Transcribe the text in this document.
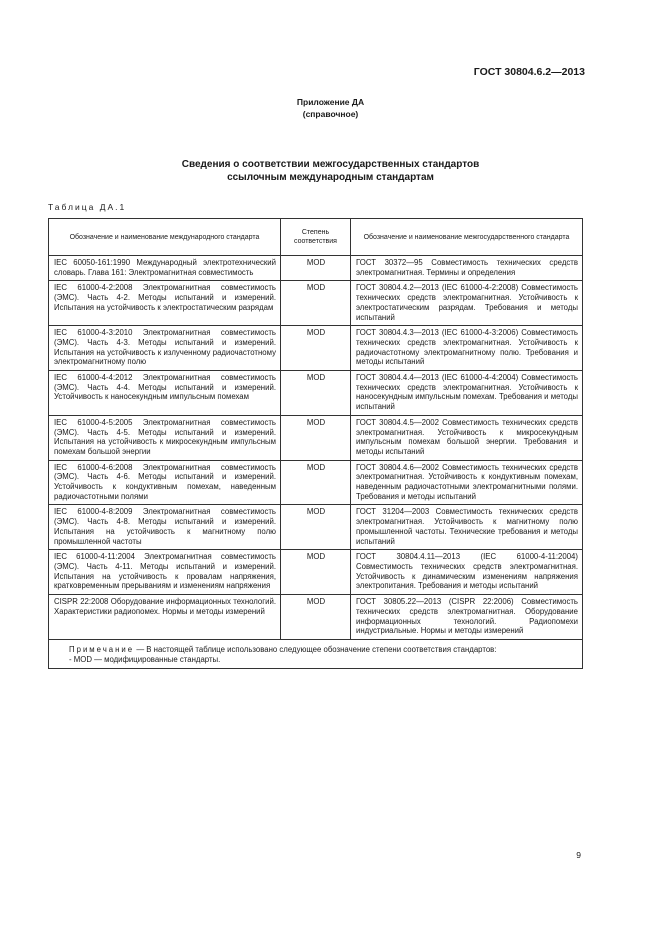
ГОСТ 30804.6.2—2013
Приложение ДА
(справочное)
Сведения о соответствии межгосударственных стандартов
ссылочным международным стандартам
Таблица ДА.1
Обозначение и наименование международного стандарта	Степень соответствия	Обозначение и наименование межгосударственного стандарта
IEC 60050-161:1990 Международный электротехнический словарь. Глава 161: Электромагнитная совместимость	MOD	ГОСТ 30372—95 Совместимость технических средств электромагнитная. Термины и определения
IEC 61000-4-2:2008 Электромагнитная совместимость (ЭМС). Часть 4-2. Методы испытаний и измерений. Испытания на устойчивость к электростатическим разрядам	MOD	ГОСТ 30804.4.2—2013 (IEC 61000-4-2:2008) Совместимость технических средств электромагнитная. Устойчивость к электростатическим разрядам. Требования и методы испытаний
IEC 61000-4-3:2010 Электромагнитная совместимость (ЭМС). Часть 4-3. Методы испытаний и измерений. Испытания на устойчивость к излученному радиочастотному электромагнитному полю	MOD	ГОСТ 30804.4.3—2013 (IEC 61000-4-3:2006) Совместимость технических средств электромагнитная. Устойчивость к радиочастотному электромагнитному полю. Требования и методы испытаний
IEC 61000-4-4:2012 Электромагнитная совместимость (ЭМС). Часть 4-4. Методы испытаний и измерений. Устойчивость к наносекундным импульсным помехам	MOD	ГОСТ 30804.4.4—2013 (IEC 61000-4-4:2004) Совместимость технических средств электромагнитная. Устойчивость к наносекундным импульсным помехам. Требования и методы испытаний
IEC 61000-4-5:2005 Электромагнитная совместимость (ЭМС). Часть 4-5. Методы испытаний и измерений. Испытания на устойчивость к микросекундным импульсным помехам большой энергии	MOD	ГОСТ 30804.4.5—2002 Совместимость технических средств электромагнитная. Устойчивость к микросекундным импульсным помехам большой энергии. Требования и методы испытаний
IEC 61000-4-6:2008 Электромагнитная совместимость (ЭМС). Часть 4-6. Методы испытаний и измерений. Устойчивость к кондуктивным помехам, наведенным радиочастотными полями	MOD	ГОСТ 30804.4.6—2002 Совместимость технических средств электромагнитная. Устойчивость к кондуктивным помехам, наведенным радиочастотными электромагнитными полями. Требования и методы испытаний
IEC 61000-4-8:2009 Электромагнитная совместимость (ЭМС). Часть 4-8. Методы испытаний и измерений. Испытания на устойчивость к магнитному полю промышленной частоты	MOD	ГОСТ 31204—2003 Совместимость технических средств электромагнитная. Устойчивость к магнитному полю промышленной частоты. Технические требования и методы испытаний
IEC 61000-4-11:2004 Электромагнитная совместимость (ЭМС). Часть 4-11. Методы испытаний и измерений. Испытания на устойчивость к провалам напряжения, кратковременным прерываниям и изменениям напряжения	MOD	ГОСТ 30804.4.11—2013 (IEC 61000-4-11:2004) Совместимость технических средств электромагнитная. Устойчивость к динамическим изменениям напряжения электропитания. Требования и методы испытаний
CISPR 22:2008 Оборудование информационных технологий. Характеристики радиопомех. Нормы и методы измерений	MOD	ГОСТ 30805.22—2013 (CISPR 22:2006) Совместимость технических средств электромагнитная. Оборудование информационных технологий. Радиопомехи индустриальные. Нормы и методы измерений
Примечание — В настоящей таблице использовано следующее обозначение степени соответствия стандартов:
- MOD — модифицированные стандарты.		
9
